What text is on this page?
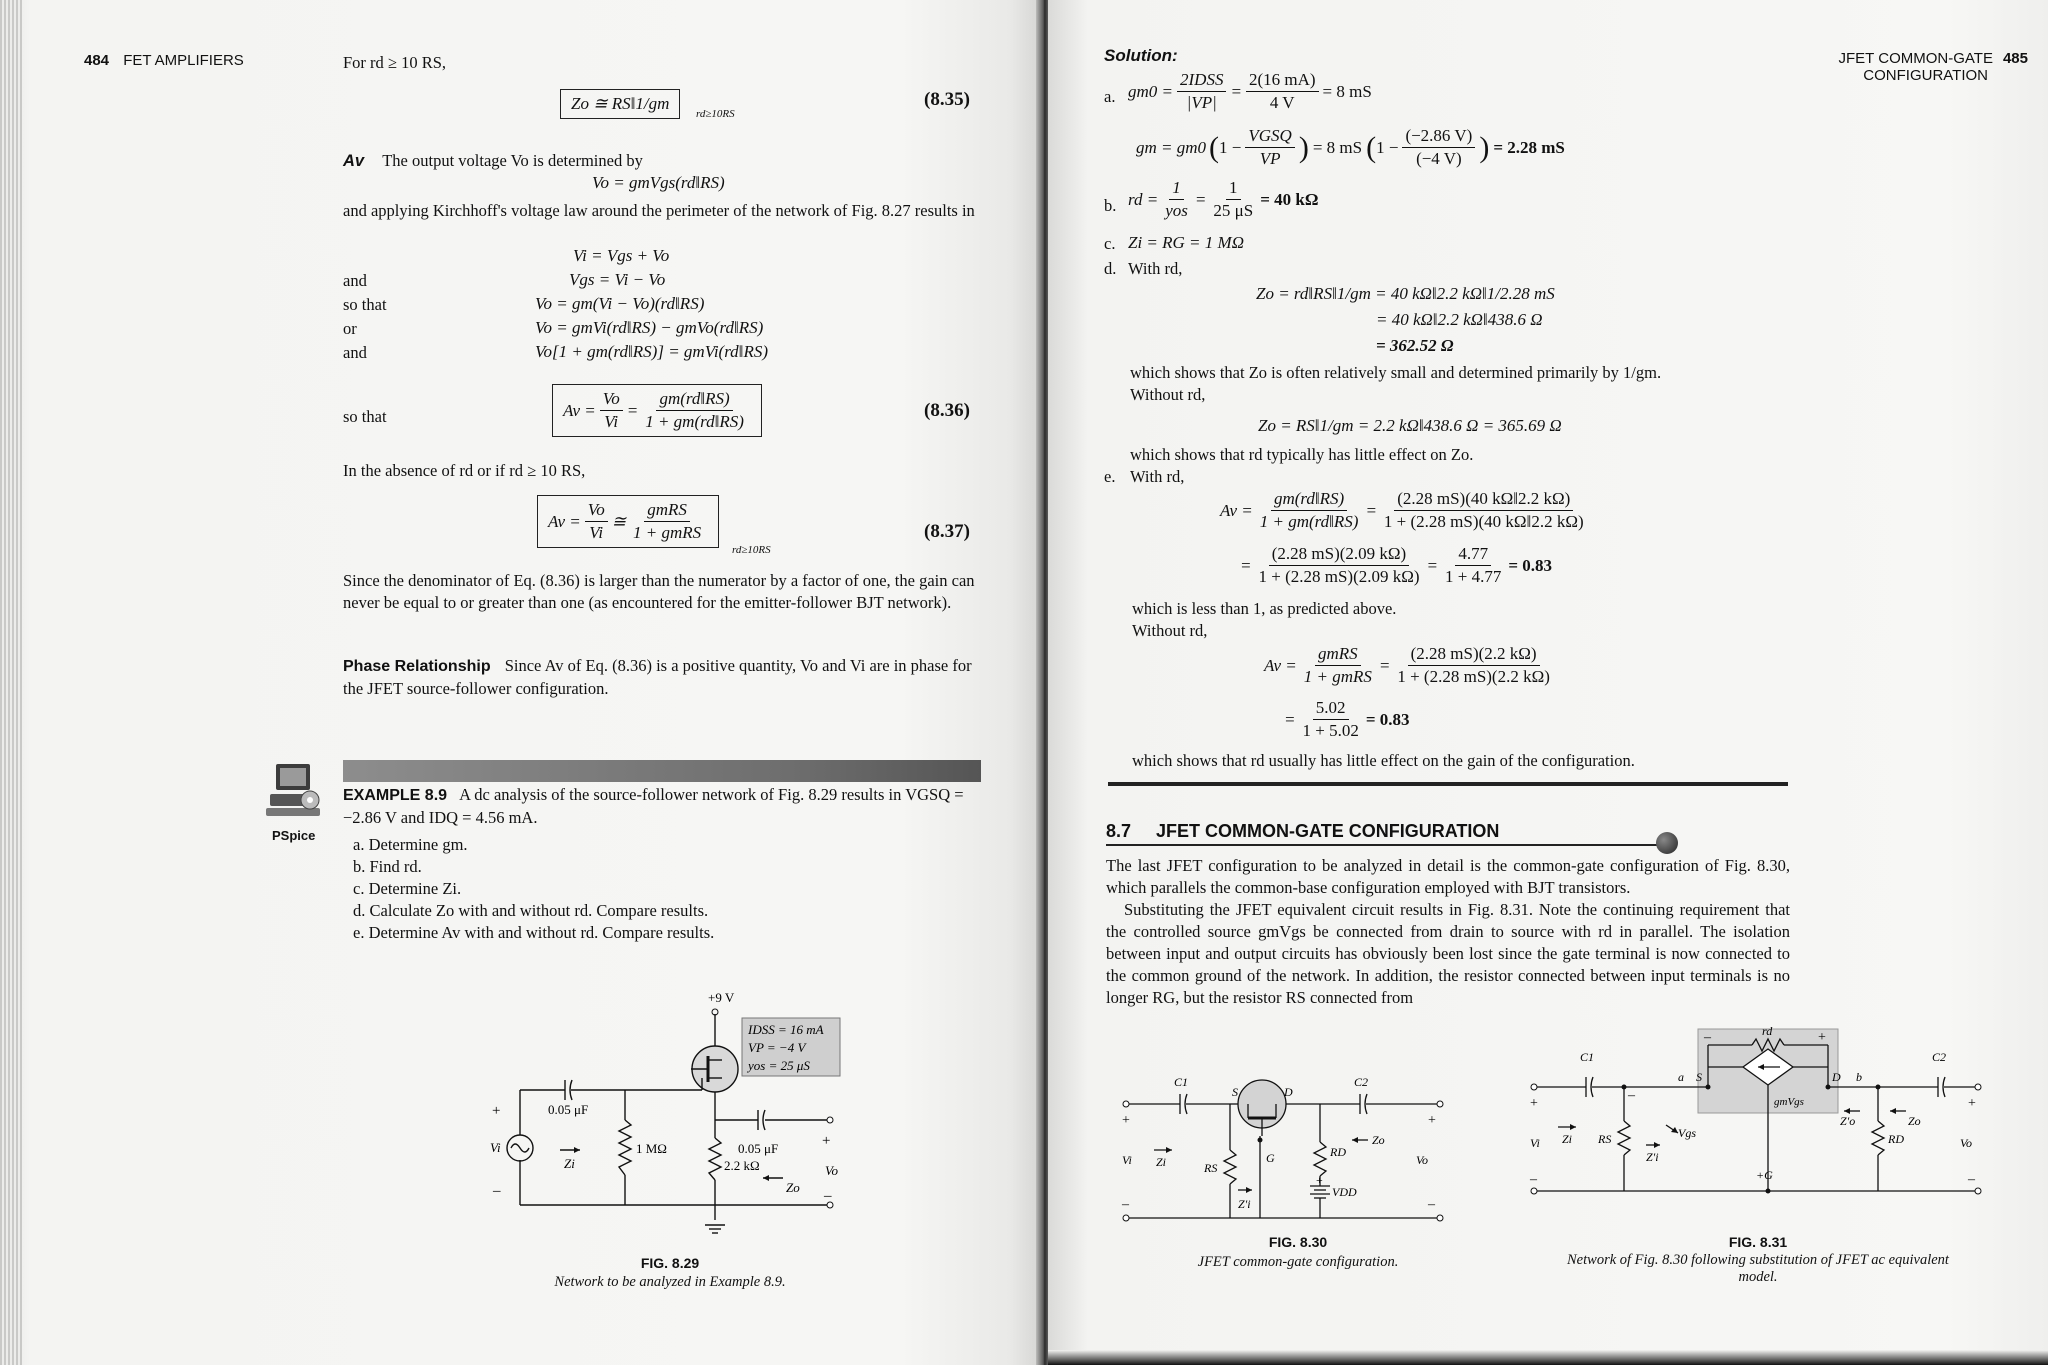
484 FET AMPLIFIERS	For rd ≥ 10 RS,
Zo ≅ RS‖1/gm
rd≥10RS
(8.35)
Av The output voltage Vo is determined by
Vo = gmVgs(rd‖RS)
and applying Kirchhoff's voltage law around the perimeter of the network of Fig. 8.27 results in
Vi = Vgs + Vo
and	Vgs = Vi − Vo
so that	Vo = gm(Vi − Vo)(rd‖RS)
or	Vo = gmVi(rd‖RS) − gmVo(rd‖RS)
and	Vo[1 + gm(rd‖RS)] = gmVi(rd‖RS)
so that	$Av = \frac{Vo}{Vi} = \frac{gm(rd‖RS)}{1 + gm(rd‖RS)}$	(8.36)
In the absence of rd or if rd ≥ 10 RS,
$Av = \frac{Vo}{Vi}$ ≅ $\frac{\text{gmRS}}{\text{1 + gmRS}}$
rd≥10RS
(8.37)
Since the denominator of Eq. (8.36) is larger than the numerator by a factor of one, the gain can never be equal to or greater than one (as encountered for the emitter-follower BJT network).
Phase Relationship Since Av of Eq. (8.36) is a positive quantity, Vo and Vi are in phase for the JFET source-follower configuration.
PSpice
EXAMPLE 8.9 A dc analysis of the source-follower network of Fig. 8.29 results in VGSQ = −2.86 V and IDQ = 4.56 mA.
a. Determine gm.
b. Find rd.
c. Determine Zi.
d. Calculate Zo with and without rd. Compare results.
e. Determine Av with and without rd. Compare results.
+9 V
IDSS = 16 mA
VP = −4 V
yos = 25 μS
0.05 μF
1 MΩ	0.05 μF
2.2 kΩ
Vi
Zi	Vo
Zo
+
+
–	–
FIG. 8.29
Network to be analyzed in Example 8.9.
JFET COMMON-GATE 485
CONFIGURATION
Solution:
a. $gm0 = \frac{\text{2IDSS}}{|VP|} = \frac{2(16 mA)}{4 V} = 8$ mS
gm = gm0 ( $1 - \frac{\text{VGSQ}}{VP}$ ) = 8 mS ( $1 - \frac{(-2.86 V)}{(-4 V)}$ ) = 2.28 mS
b. rd = $\frac{1}{\text{yos}} = \frac{1}{25 \mu S} = 40$ kΩ
c. Zi = RG = 1 MΩ
d. With rd,
Zo = rd‖RS‖1/gm = 40 kΩ‖2.2 kΩ‖1/2.28 mS
= 40 kΩ‖2.2 kΩ‖438.6 Ω
= 362.52 Ω
which shows that Zo is often relatively small and determined primarily by 1/gm.
Without rd,
Zo = RS‖1/gm = 2.2 kΩ‖438.6 Ω = 365.69 Ω
which shows that rd typically has little effect on Zo.
e. With rd,
$Av = \frac{gm(rd‖RS)}{1 + gm(rd‖RS)} = \frac{(2.28 mS)(40 k\Omega‖2.2 k\Omega)}{1 + (2.28 mS)(40 k\Omega‖2.2 k\Omega)}$
= $\frac{(2.28 mS)(2.09 k\Omega)}{1 + (2.28 mS)(2.09 k\Omega)} = \frac{4.77}{1 + 4.77} = 0.83$
which is less than 1, as predicted above.
Without rd,
$Av = \frac{\text{gmRS}}{\text{1 + gmRS}} = \frac{(2.28 mS)(2.2 k\Omega)}{1 + (2.28 mS)(2.2 k\Omega)}$
= $\frac{5.02}{1 + 5.02} = 0.83$
which shows that rd usually has little effect on the gain of the configuration.
8.7 JFET COMMON-GATE CONFIGURATION
The last JFET configuration to be analyzed in detail is the common-gate configuration of Fig. 8.30, which parallels the common-base configuration employed with BJT transistors.
Substituting the JFET equivalent circuit results in Fig. 8.31. Note the continuing requirement that the controlled source gmVgs be connected from drain to source with rd in parallel. The isolation between input and output circuits has obviously been lost since the gate terminal is now connected to the common ground of the network. In addition, the resistor connected between input terminals is no longer RG, but the resistor RS connected from
C1	C2
S	D
G
Vi Zi
Z′i
RS
RD
Zo
Vo
VDD
+	+
+
–	–
FIG. 8.30
JFET common-gate configuration.
C1	C2
a	b
S	D
rd
gmVgs
Vgs
+G
Vi Zi
Z′i
RS	RD
Zo
Z′o
Vo
+	+
–	+
–
–	–
FIG. 8.31
Network of Fig. 8.30 following substitution of JFET ac equivalent model.
